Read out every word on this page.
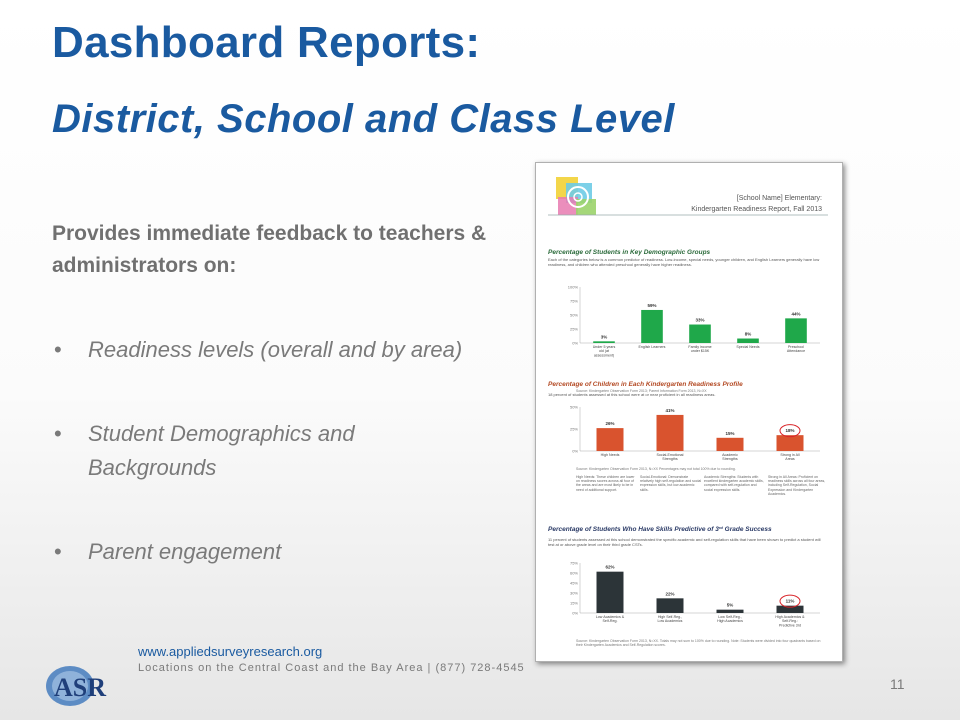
Dashboard Reports:
District, School and Class Level

Provides immediate feedback to teachers & administrators on:

• Readiness levels (overall and by area)
• Student Demographics and Backgrounds
• Parent engagement
[School Name] Elementary:
Kindergarten Readiness Report, Fall 2013
Percentage of Students in Key Demographic Groups
Each of the categories below is a common predictor of readiness. Low-income, special needs, younger children, and English Learners generally have low readiness, and children who attended preschool generally have higher readiness.
100%
75%
50%
25%
0%
3%
Under 5 years old (at assessment)
59%
English Learners
33%
Family income under $15K
8%
Special Needs
44%
Preschool Attendance
Source: Kindergarten Observation Form 2013; Parent Information Form 2013, N=XX
Percentage of Children in Each Kindergarten Readiness Profile
18 percent of students assessed at this school were at or near proficient in all readiness areas.
50%
25%
0%
26%
High Needs
41%
Social-Emotional Strengths
15%
Academic Strengths
18%
Strong in All Areas
Source: Kindergarten Observation Form 2013, N=XX Percentages may not total 100% due to rounding.
High Needs: These children are lower on readiness scores across all four of the areas and are most likely to be in need of additional support.
Social-Emotional: Demonstrate relatively high self-regulation and social expression skills, but low academic skills.
Academic Strengths: Students with excellent kindergarten academic skills, compared with self-regulation and social expression skills.
Strong in All Areas: Proficient on readiness skills across all four areas, including Self-Regulation, Social Expression and Kindergarten Academics.
Percentage of Students Who Have Skills Predictive of 3rd Grade Success
11 percent of students assessed at this school demonstrated the specific academic and self-regulation skills that have been shown to predict a student will test at or above grade level on their third grade CSTs.
75%
60%
45%
30%
15%
0%
62%
Low Academics & Self-Reg.
22%
High Self-Reg., Low Academics
5%
Low Self-Reg., High Academics
11%
High Academics & Self-Reg.: Predictive 3rd
Source: Kindergarten Observation Form 2013, N=XX. Totals may not sum to 100% due to rounding. Note: Students were divided into four quadrants based on their Kindergarten Academics and Self-Regulation scores.
ASR
www.appliedsurveyresearch.org
Locations on the Central Coast and the Bay Area | (877) 728-4545
11
